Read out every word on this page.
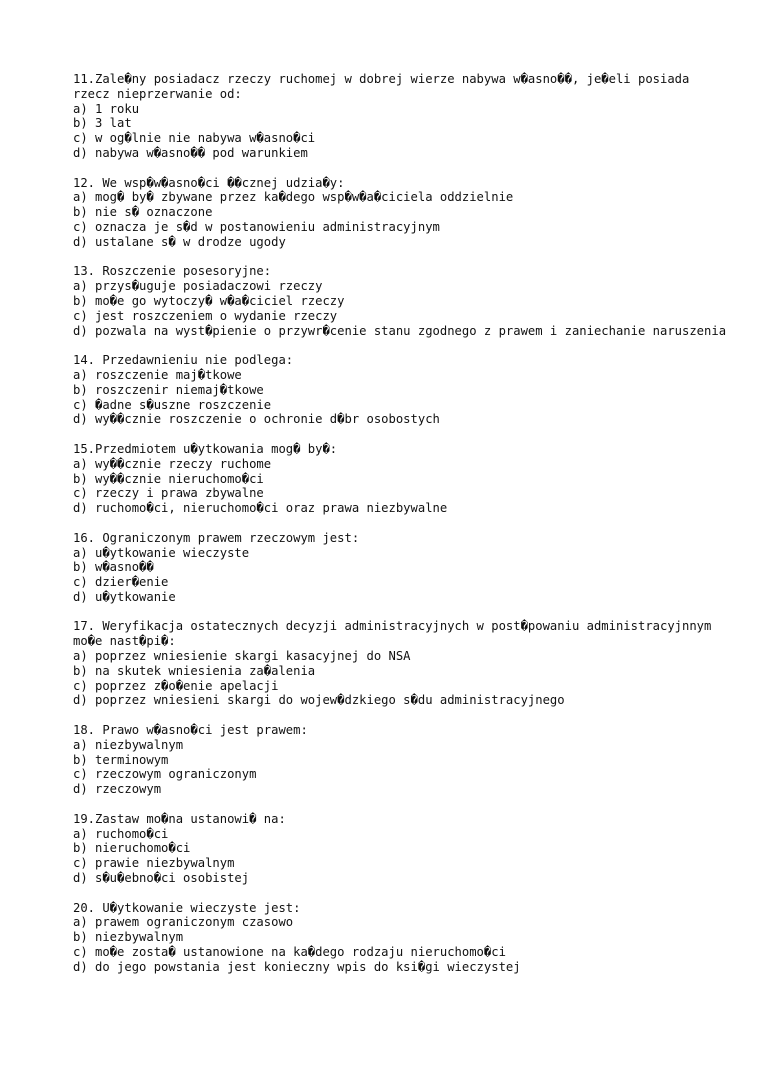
11.Zale�ny posiadacz rzeczy ruchomej w dobrej wierze nabywa w�asno��, je�eli posiada rzecz nieprzerwanie od:
a) 1 roku
b) 3 lat
c) w og�lnie nie nabywa w�asno�ci
d) nabywa w�asno�� pod warunkiem
12. We wsp�w�asno�ci ��cznej udzia�y:
a) mog� by� zbywane przez ka�dego wsp�w�a�ciciela oddzielnie
b) nie s� oznaczone
c) oznacza je s�d w postanowieniu administracyjnym
d) ustalane s� w drodze ugody
13. Roszczenie posesoryjne:
a) przys�uguje posiadaczowi rzeczy
b) mo�e go wytoczy� w�a�ciciel rzeczy
c) jest roszczeniem o wydanie rzeczy
d) pozwala na wyst�pienie o przywr�cenie stanu zgodnego z prawem i zaniechanie naruszenia
14. Przedawnieniu nie podlega:
a) roszczenie maj�tkowe
b) roszczenir niemaj�tkowe
c) �adne s�uszne roszczenie
d) wy��cznie roszczenie o ochronie d�br osobostych
15.Przedmiotem u�ytkowania mog� by�:
a) wy��cznie rzeczy ruchome
b) wy��cznie nieruchomo�ci
c) rzeczy i prawa zbywalne
d) ruchomo�ci, nieruchomo�ci oraz prawa niezbywalne
16. Ograniczonym prawem rzeczowym jest:
a) u�ytkowanie wieczyste
b) w�asno��
c) dzier�enie
d) u�ytkowanie
17. Weryfikacja ostatecznych decyzji administracyjnych w post�powaniu administracyjnnym mo�e nast�pi�:
a) poprzez wniesienie skargi kasacyjnej do NSA
b) na skutek wniesienia za�alenia
c) poprzez z�o�enie apelacji
d) poprzez wniesieni skargi do wojew�dzkiego s�du administracyjnego
18. Prawo w�asno�ci jest prawem:
a) niezbywalnym
b) terminowym
c) rzeczowym ograniczonym
d) rzeczowym
19.Zastaw mo�na ustanowi� na:
a) ruchomo�ci
b) nieruchomo�ci
c) prawie niezbywalnym
d) s�u�ebno�ci osobistej
20. U�ytkowanie wieczyste jest:
a) prawem ograniczonym czasowo
b) niezbywalnym
c) mo�e zosta� ustanowione na ka�dego rodzaju nieruchomo�ci
d) do jego powstania jest konieczny wpis do ksi�gi wieczystej
